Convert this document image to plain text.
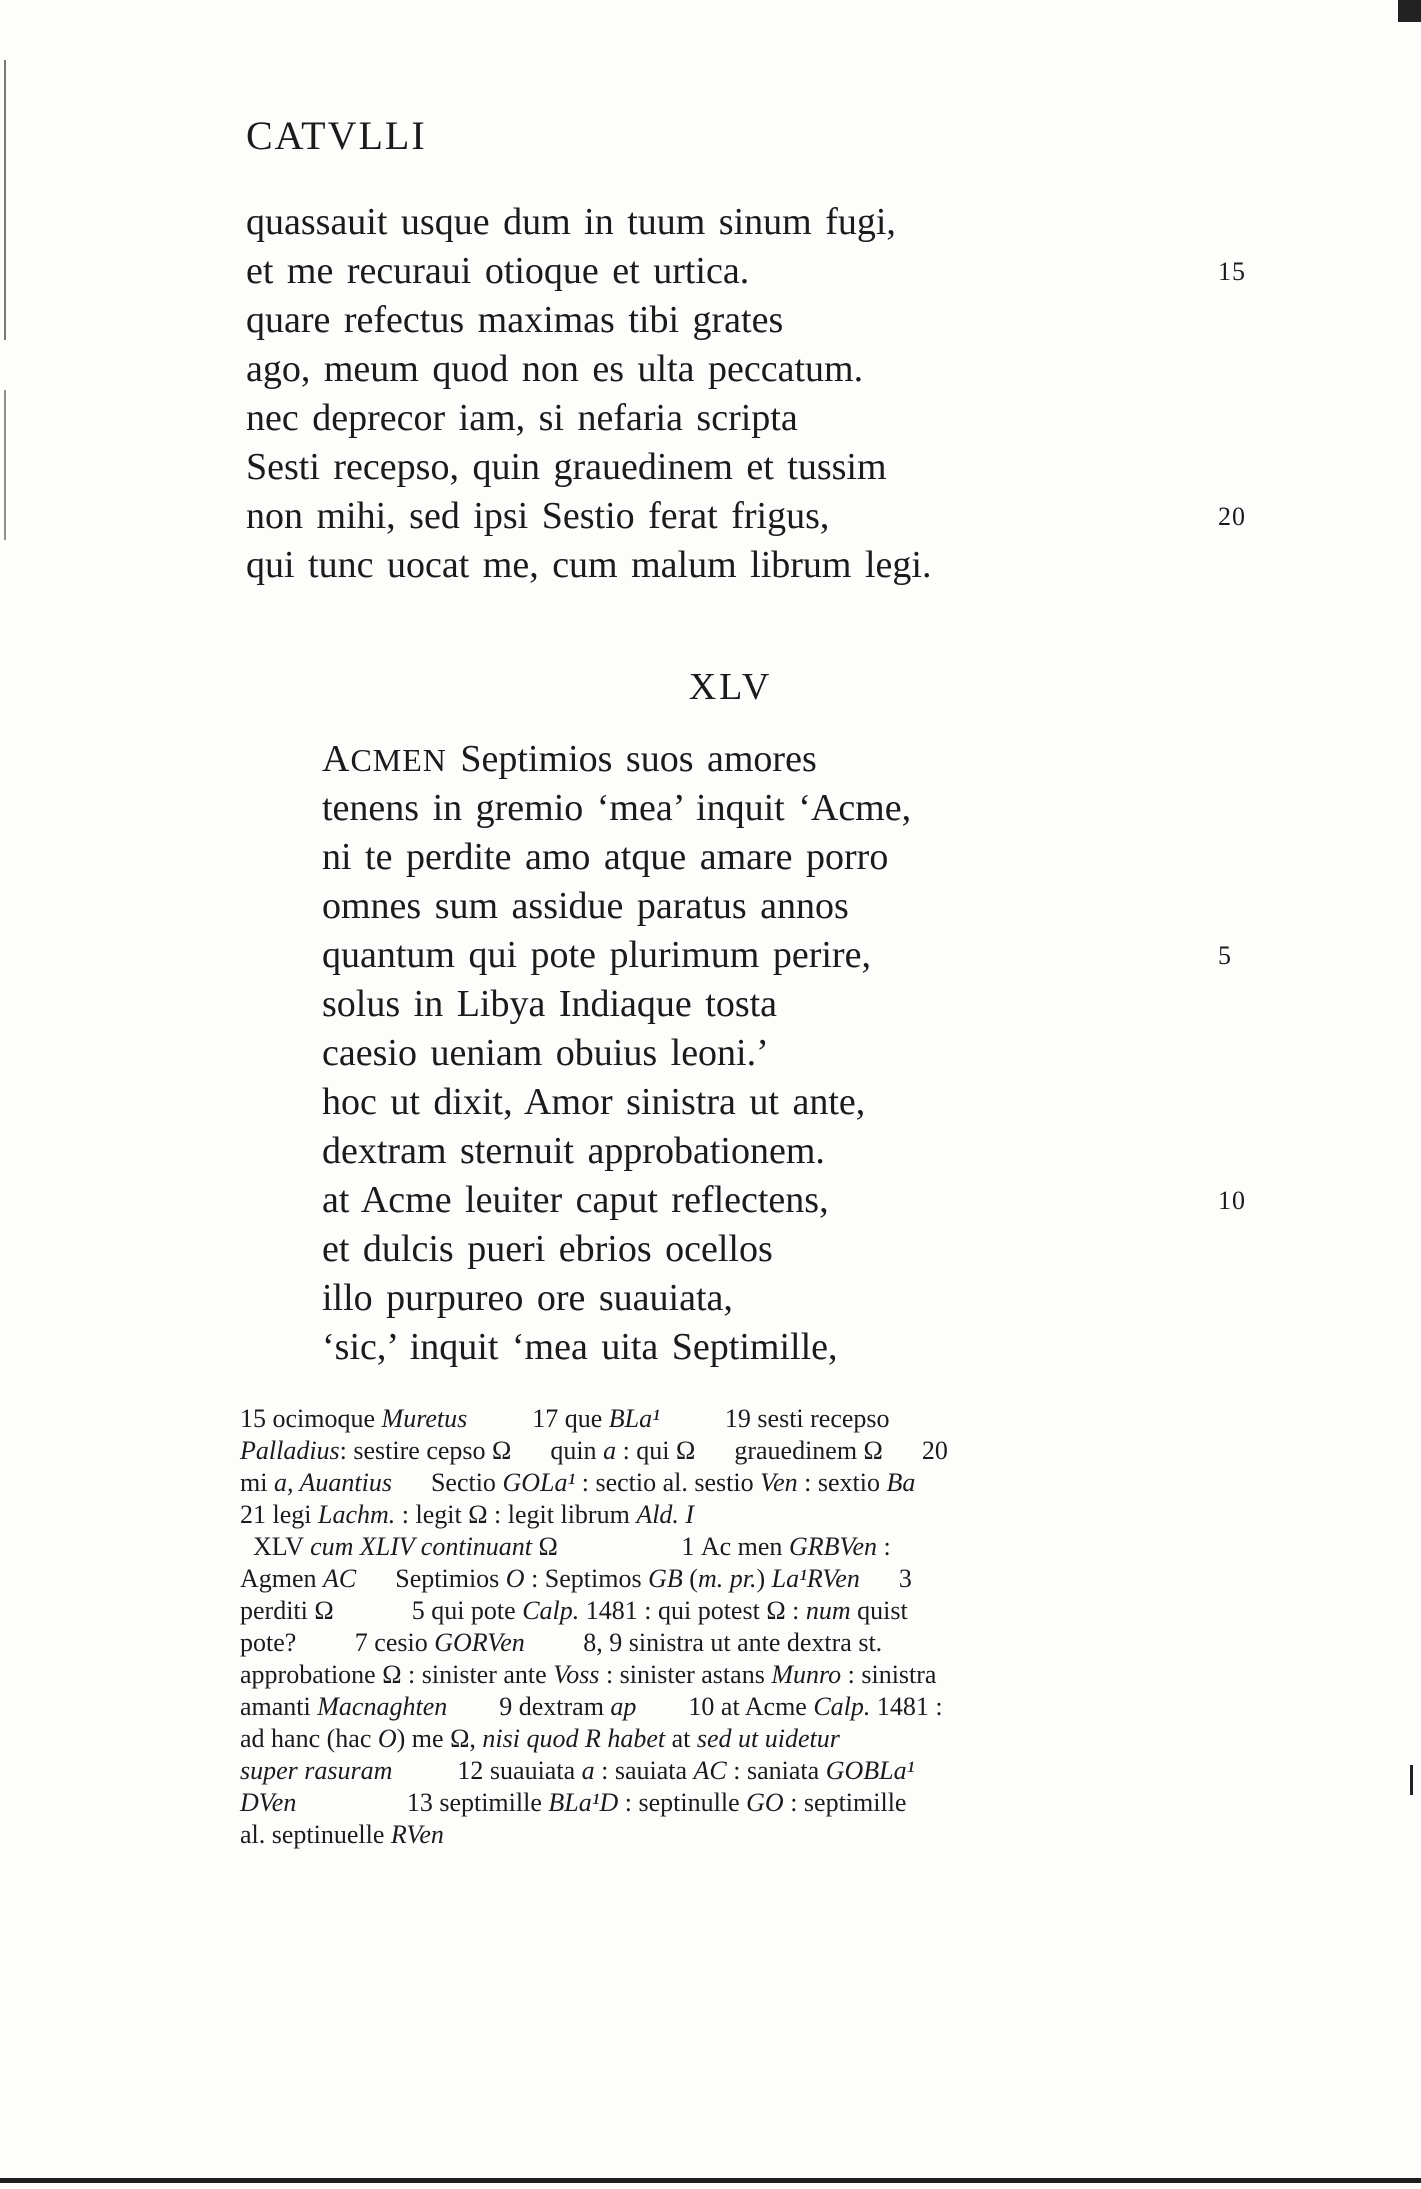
CATVLLI
quassauit usque dum in tuum sinum fugi,
et me recuraui otioque et urtica.	15
quare refectus maximas tibi grates
ago, meum quod non es ulta peccatum.
nec deprecor iam, si nefaria scripta
Sesti recepso, quin grauedinem et tussim
non mihi, sed ipsi Sestio ferat frigus,	20
qui tunc uocat me, cum malum librum legi.
XLV
ACMEN Septimios suos amores
tenens in gremio ‘mea’ inquit ‘Acme,
ni te perdite amo atque amare porro
omnes sum assidue paratus annos
quantum qui pote plurimum perire,	5
solus in Libya Indiaque tosta
caesio ueniam obuius leoni.’
hoc ut dixit, Amor sinistra ut ante,
dextram sternuit approbationem.
at Acme leuiter caput reflectens,	10
et dulcis pueri ebrios ocellos
illo purpureo ore suauiata,
‘sic,’ inquit ‘mea uita Septimille,
15 ocimoque Muretus          17 que BLa¹          19 sesti recepso
Palladius: sestire cepso Ω      quin a : qui Ω      grauedinem Ω      20
mi a, Auantius      Sectio GOLa¹ : sectio al. sestio Ven : sextio Ba
21 legi Lachm. : legit Ω : legit librum Ald. I
XLV cum XLIV continuant Ω                   1 Ac men GRBVen :
Agmen AC      Septimios O : Septimos GB (m. pr.) La¹RVen      3
perditi Ω            5 qui pote Calp. 1481 : qui potest Ω : num quist
pote?         7 cesio GORVen         8, 9 sinistra ut ante dextra st.
approbatione Ω : sinister ante Voss : sinister astans Munro : sinistra
amanti Macnaghten        9 dextram ap        10 at Acme Calp. 1481 :
ad hanc (hac O) me Ω, nisi quod R habet at sed ut uidetur
super rasuram          12 suauiata a : sauiata AC : saniata GOBLa¹
DVen                 13 septimille BLa¹D : septinulle GO : septimille
al. septinuelle RVen
